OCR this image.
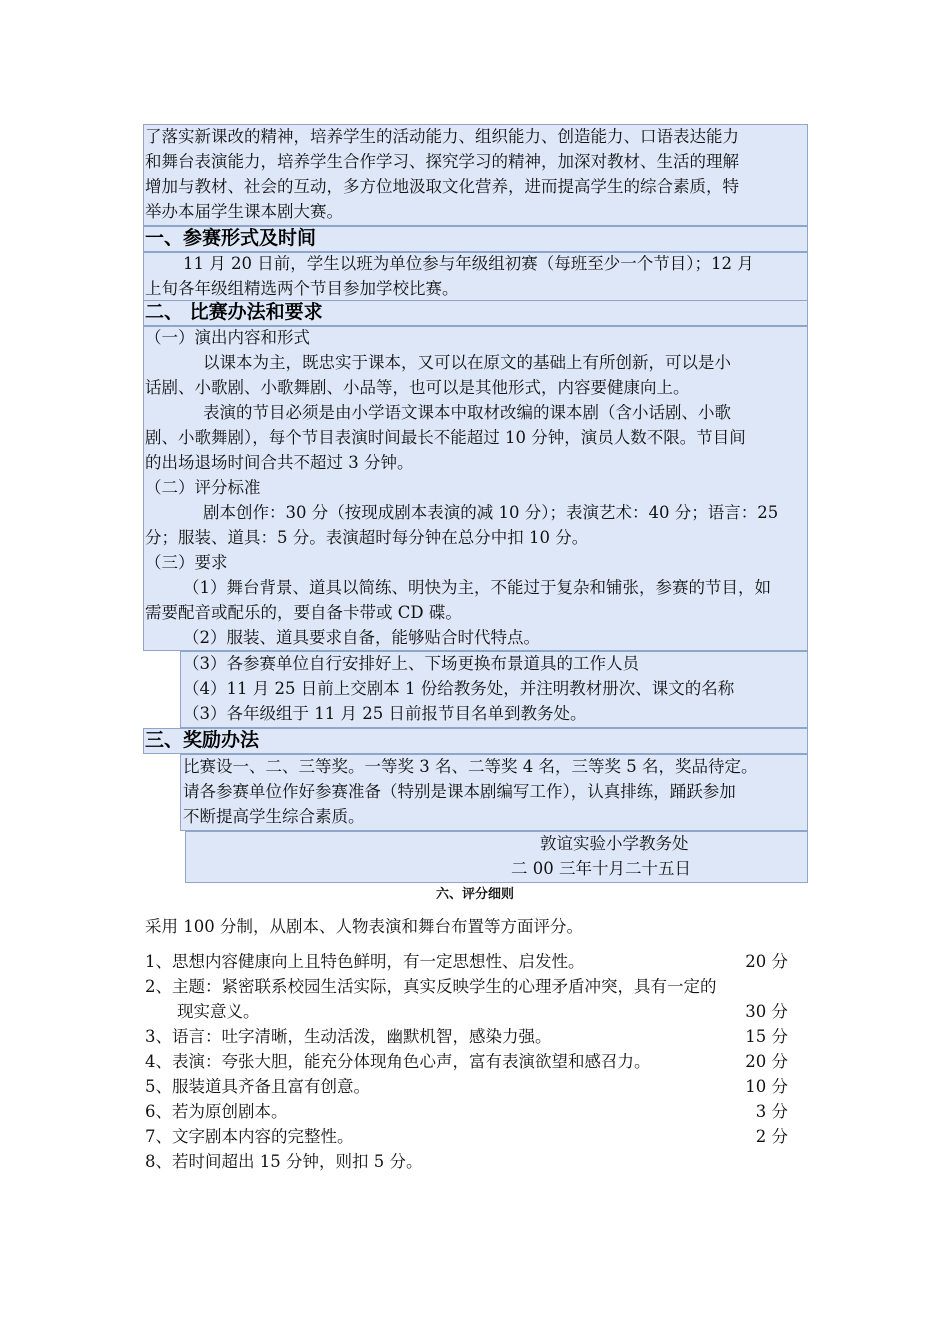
了落实新课改的精神，培养学生的活动能力、组织能力、创造能力、口语表达能力
和舞台表演能力，培养学生合作学习、探究学习的精神，加深对教材、生活的理解
增加与教材、社会的互动，多方位地汲取文化营养，进而提高学生的综合素质，特
举办本届学生课本剧大赛。
一、参赛形式及时间
11 月 20 日前，学生以班为单位参与年级组初赛（每班至少一个节目）；12 月
上旬各年级组精选两个节目参加学校比赛。
二、 比赛办法和要求
（一）演出内容和形式
以课本为主，既忠实于课本，又可以在原文的基础上有所创新，可以是小
话剧、小歌剧、小歌舞剧、小品等，也可以是其他形式，内容要健康向上。
表演的节目必须是由小学语文课本中取材改编的课本剧（含小话剧、小歌
剧、小歌舞剧），每个节目表演时间最长不能超过 10 分钟，演员人数不限。节目间
的出场退场时间合共不超过 3 分钟。
（二）评分标准
剧本创作：30 分（按现成剧本表演的减 10 分）；表演艺术：40 分；语言：25
分；服装、道具：5 分。表演超时每分钟在总分中扣 10 分。
（三）要求
（1）舞台背景、道具以简练、明快为主，不能过于复杂和铺张，参赛的节目，如
需要配音或配乐的，要自备卡带或 CD 碟。
（2）服装、道具要求自备，能够贴合时代特点。
（3）各参赛单位自行安排好上、下场更换布景道具的工作人员
（4）11 月 25 日前上交剧本 1 份给教务处，并注明教材册次、课文的名称
（3）各年级组于 11 月 25 日前报节目名单到教务处。
三、奖励办法
比赛设一、二、三等奖。一等奖 3 名、二等奖 4 名，三等奖 5 名，奖品待定。
请各参赛单位作好参赛准备（特别是课本剧编写工作），认真排练，踊跃参加
不断提高学生综合素质。
敦谊实验小学教务处
二 00 三年十月二十五日
六、评分细则
采用 100 分制，从剧本、人物表演和舞台布置等方面评分。
1、思想内容健康向上且特色鲜明，有一定思想性、启发性。	20 分
2、主题：紧密联系校园生活实际，真实反映学生的心理矛盾冲突，具有一定的
现实意义。	30 分
3、语言：吐字清晰，生动活泼，幽默机智，感染力强。	15 分
4、表演：夸张大胆，能充分体现角色心声，富有表演欲望和感召力。	20 分
5、服装道具齐备且富有创意。	10 分
6、若为原创剧本。	3 分
7、文字剧本内容的完整性。	2 分
8、若时间超出 15 分钟，则扣 5 分。
